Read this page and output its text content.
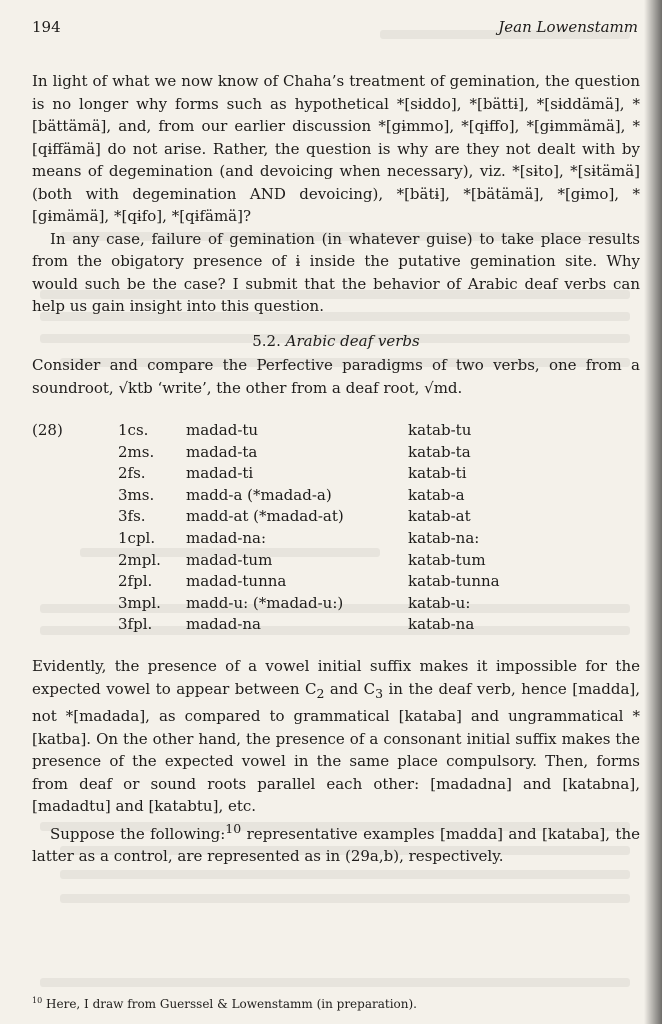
194	Jean Lowenstamm

In light of what we now know of Chaha’s treatment of gemination, the question is no longer why forms such as hypothetical *[sɨddo], *[bättɨ], *[sɨddämä], *[bättämä], and, from our earlier discussion *[gɨmmo], *[qɨffo], *[gɨmmämä], *[qɨffämä] do not arise. Rather, the question is why are they not dealt with by means of degemination (and devoicing when necessary), viz. *[sɨto], *[sɨtämä] (both with degemination AND devoicing), *[bätɨ], *[bätämä], *[gɨmo], *[gɨmämä], *[qɨfo], *[qɨfämä]?

In any case, failure of gemination (in whatever guise) to take place results from the obigatory presence of ɨ inside the putative gemination site. Why would such be the case? I submit that the behavior of Arabic deaf verbs can help us gain insight into this question.

5.2. Arabic deaf verbs

Consider and compare the Perfective paradigms of two verbs, one from a soundroot, √ktb ‘write’, the other from a deaf root, √md.

(28)	1cs.	madad-tu	katab-tu
2ms. madad-ta	katab-ta
2fs.	madad-ti	katab-ti
3ms. madd-a (*madad-a)	katab-a
3fs.	madd-at (*madad-at)	katab-at
1cpl. madad-na:	katab-na:
2mpl. madad-tum	katab-tum
2fpl. madad-tunna	katab-tunna
3mpl. madd-u: (*madad-u:)	katab-u:
3fpl. madad-na	katab-na

Evidently, the presence of a vowel initial suffix makes it impossible for the expected vowel to appear between $C_2$ and $C_3$ in the deaf verb, hence [madda], not *[madada], as compared to grammatical [kataba] and ungrammatical *[katba]. On the other hand, the presence of a consonant initial suffix makes the presence of the expected vowel in the same place compulsory. Then, forms from deaf or sound roots parallel each other: [madadna] and [katabna], [madadtu] and [katabtu], etc.

Suppose the following:$^{10}$ representative examples [madda] and [kataba], the latter as a control, are represented as in (29a,b), respectively.

$^{10}$ Here, I draw from Guerssel & Lowenstamm (in preparation).
